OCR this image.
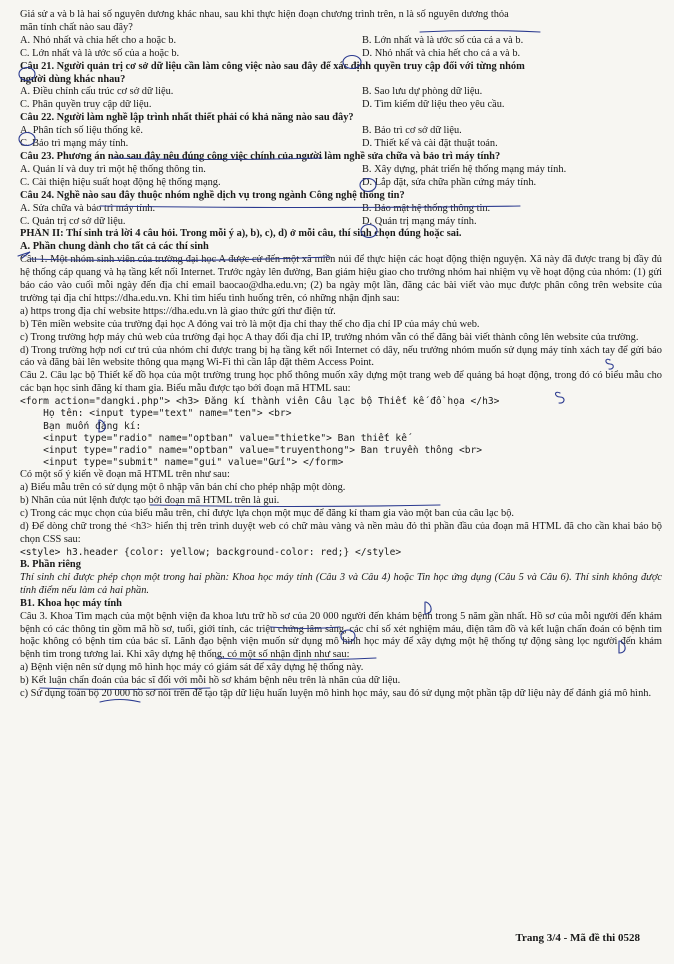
Giả sử a và b là hai số nguyên dương khác nhau, sau khi thực hiện đoạn chương trình trên, n là số nguyên dương thỏa
mãn tính chất nào sau đây?
A. Nhỏ nhất và chia hết cho a hoặc b.	B. Lớn nhất và là ước số của cả a và b.
C. Lớn nhất và là ước số của a hoặc b.	D. Nhỏ nhất và chia hết cho cả a và b.
Câu 21. Người quản trị cơ sở dữ liệu cần làm công việc nào sau đây để xác định quyền truy cập đối với từng nhóm
người dùng khác nhau?
A. Điều chỉnh cấu trúc cơ sở dữ liệu.	B. Sao lưu dự phòng dữ liệu.
C. Phân quyền truy cập dữ liệu.	D. Tìm kiếm dữ liệu theo yêu cầu.
Câu 22. Người làm nghề lập trình nhất thiết phải có khả năng nào sau đây?
A. Phân tích số liệu thống kê.	B. Bảo trì cơ sở dữ liệu.
C. Bảo trì mạng máy tính.	D. Thiết kế và cài đặt thuật toán.
Câu 23. Phương án nào sau đây nêu đúng công việc chính của người làm nghề sửa chữa và bảo trì máy tính?
A. Quản lí và duy trì một hệ thống thông tin.	B. Xây dựng, phát triển hệ thống mạng máy tính.
C. Cài thiện hiệu suất hoạt động hệ thống mạng.	D. Lắp đặt, sửa chữa phần cứng máy tính.
Câu 24. Nghề nào sau đây thuộc nhóm nghề dịch vụ trong ngành Công nghệ thông tin?
A. Sửa chữa và bảo trì máy tính.	B. Bảo mật hệ thống thông tin.
C. Quản trị cơ sở dữ liệu.	D. Quản trị mạng máy tính.
PHẦN II: Thí sinh trả lời 4 câu hỏi. Trong mỗi ý a), b), c), d) ở mỗi câu, thí sinh chọn đúng hoặc sai.
A. Phần chung dành cho tất cả các thí sinh
Câu 1. Một nhóm sinh viên của trường đại học A được cử đến một xã miền núi để thực hiện các hoạt động thiện nguyện. Xã này đã được trang bị đầy đủ hệ thống cáp quang và hạ tầng kết nối Internet. Trước ngày lên đường, Ban giám hiệu giao cho trưởng nhóm hai nhiệm vụ về hoạt động của nhóm: (1) gửi báo cáo vào cuối mỗi ngày đến địa chỉ email baocao@dha.edu.vn; (2) ba ngày một lần, đăng các bài viết vào mục được phân công trên website của trường tại địa chỉ https://dha.edu.vn. Khi tìm hiểu tình huống trên, có những nhận định sau:
a) https trong địa chỉ website https://dha.edu.vn là giao thức gửi thư điện tử.
b) Tên miền website của trường đại học A đóng vai trò là một địa chỉ thay thế cho địa chỉ IP của máy chủ web.
c) Trong trường hợp máy chủ web của trường đại học A thay đổi địa chỉ IP, trưởng nhóm vẫn có thể đăng bài viết thành công lên website của trường.
d) Trong trường hợp nơi cư trú của nhóm chỉ được trang bị hạ tầng kết nối Internet có dây, nếu trưởng nhóm muốn sử dụng máy tính xách tay để gửi báo cáo và đăng bài lên website thông qua mạng Wi-Fi thì cần lắp đặt thêm Access Point.
Câu 2. Câu lạc bộ Thiết kế đồ họa của một trường trung học phổ thông muốn xây dựng một trang web để quảng bá hoạt động, trong đó có biểu mẫu cho các bạn học sinh đăng kí tham gia. Biểu mẫu được tạo bởi đoạn mã HTML sau:
<form action="dangki.php"> <h3> Đăng kí thành viên Câu lạc bộ Thiết kế đồ họa </h3>
Họ tên: <input type="text" name="ten"> <br>
Bạn muốn đăng kí:
<input type="radio" name="optban" value="thietke"> Ban thiết kế
<input type="radio" name="optban" value="truyenthong"> Ban truyền thông <br>
<input type="submit" name="gui" value="Gửi"> </form>
Có một số ý kiến về đoạn mã HTML trên như sau:
a) Biểu mẫu trên có sử dụng một ô nhập văn bản chỉ cho phép nhập một dòng.
b) Nhãn của nút lệnh được tạo bởi đoạn mã HTML trên là gui.
c) Trong các mục chọn của biểu mẫu trên, chỉ được lựa chọn một mục để đăng kí tham gia vào một ban của câu lạc bộ.
d) Để dòng chữ trong thẻ <h3> hiển thị trên trình duyệt web có chữ màu vàng và nền màu đỏ thì phần đầu của đoạn mã HTML đã cho cần khai báo bộ chọn CSS sau:
<style> h3.header {color: yellow; background-color: red;} </style>
B. Phần riêng
Thí sinh chỉ được phép chọn một trong hai phần: Khoa học máy tính (Câu 3 và Câu 4) hoặc Tin học ứng dụng (Câu 5 và Câu 6). Thí sinh không được tính điểm nếu làm cả hai phần.
B1. Khoa học máy tính
Câu 3. Khoa Tim mạch của một bệnh viện đa khoa lưu trữ hồ sơ của 20 000 người đến khám bệnh trong 5 năm gần nhất. Hồ sơ của mỗi người đến khám bệnh có các thông tin gồm mã hồ sơ, tuổi, giới tính, các triệu chứng lâm sàng, các chỉ số xét nghiệm máu, điện tâm đồ và kết luận chẩn đoán có bệnh tim hoặc không có bệnh tim của bác sĩ. Lãnh đạo bệnh viện muốn sử dụng mô hình học máy để xây dựng một hệ thống tự động sàng lọc người đến khám bệnh tim trong tương lai. Khi xây dựng hệ thống, có một số nhận định như sau:
a) Bệnh viện nên sử dụng mô hình học máy có giám sát để xây dựng hệ thống này.
b) Kết luận chẩn đoán của bác sĩ đối với mỗi hồ sơ khám bệnh nêu trên là nhãn của dữ liệu.
c) Sử dụng toàn bộ 20 000 hồ sơ nói trên để tạo tập dữ liệu huấn luyện mô hình học máy, sau đó sử dụng một phần tập dữ liệu này để đánh giá mô hình.
Trang 3/4 - Mã đề thi 0528
